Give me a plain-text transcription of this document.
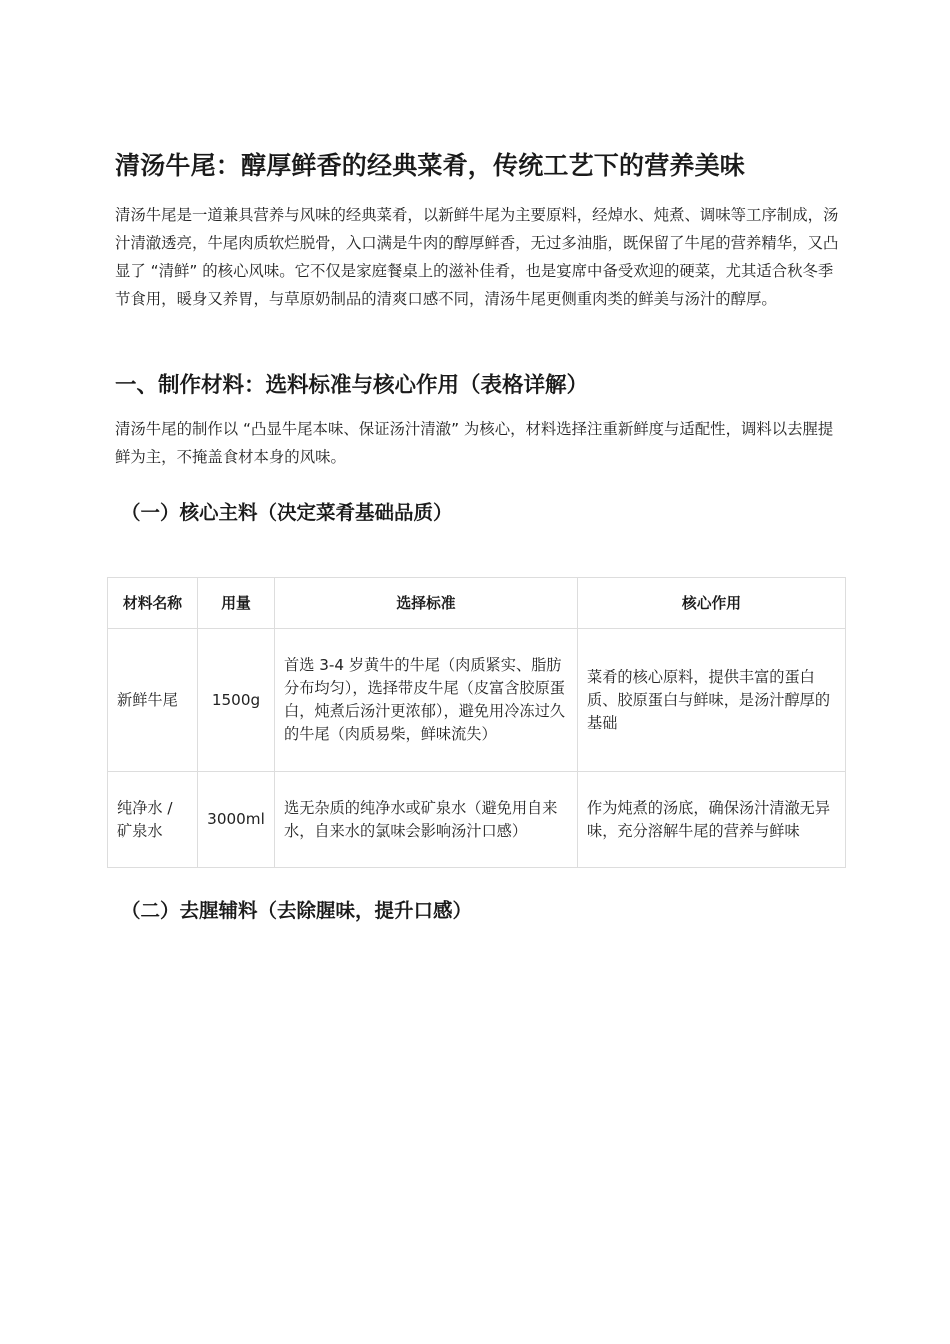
清汤牛尾：醇厚鲜香的经典菜肴，传统工艺下的营养美味

清汤牛尾是一道兼具营养与风味的经典菜肴，以新鲜牛尾为主要原料，经焯水、炖煮、调味等工序制成，汤汁清澈透亮，牛尾肉质软烂脱骨，入口满是牛肉的醇厚鲜香，无过多油脂，既保留了牛尾的营养精华，又凸显了 “清鲜” 的核心风味。它不仅是家庭餐桌上的滋补佳肴，也是宴席中备受欢迎的硬菜，尤其适合秋冬季节食用，暖身又养胃，与草原奶制品的清爽口感不同，清汤牛尾更侧重肉类的鲜美与汤汁的醇厚。

一、制作材料：选料标准与核心作用（表格详解）

清汤牛尾的制作以 “凸显牛尾本味、保证汤汁清澈” 为核心，材料选择注重新鲜度与适配性，调料以去腥提鲜为主，不掩盖食材本身的风味。

（一）核心主料（决定菜肴基础品质）
材料名称	用量	选择标准	核心作用
新鲜牛尾	1500g	首选 3-4 岁黄牛的牛尾（肉质紧实、脂肪分布均匀），选择带皮牛尾（皮富含胶原蛋白，炖煮后汤汁更浓郁），避免用冷冻过久的牛尾（肉质易柴，鲜味流失）	菜肴的核心原料，提供丰富的蛋白质、胶原蛋白与鲜味，是汤汁醇厚的基础
纯净水 / 矿泉水	3000ml	选无杂质的纯净水或矿泉水（避免用自来水，自来水的氯味会影响汤汁口感）	作为炖煮的汤底，确保汤汁清澈无异味，充分溶解牛尾的营养与鲜味
（二）去腥辅料（去除腥味，提升口感）
